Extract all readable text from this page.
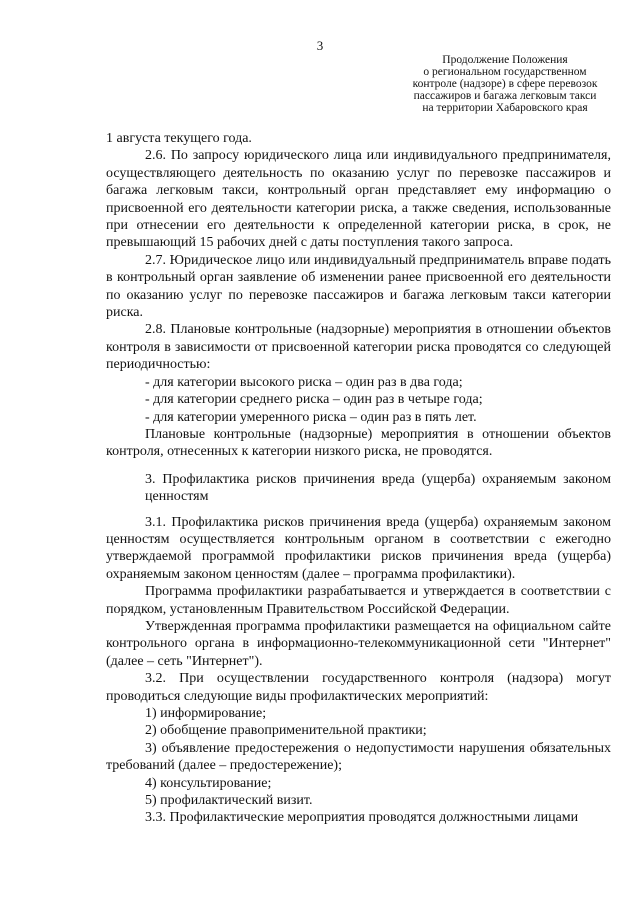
3
Продолжение Положения
о региональном государственном
контроле (надзоре) в сфере перевозок
пассажиров и багажа легковым такси
на территории Хабаровского края

1 августа текущего года.

2.6. По запросу юридического лица или индивидуального предпринимателя, осуществляющего деятельность по оказанию услуг по перевозке пассажиров и багажа легковым такси, контрольный орган представляет ему информацию о присвоенной его деятельности категории риска, а также сведения, использованные при отнесении его деятельности к определенной категории риска, в срок, не превышающий 15 рабочих дней с даты поступления такого запроса.

2.7. Юридическое лицо или индивидуальный предприниматель вправе подать в контрольный орган заявление об изменении ранее присвоенной его деятельности по оказанию услуг по перевозке пассажиров и багажа легковым такси категории риска.

2.8. Плановые контрольные (надзорные) мероприятия в отношении объектов контроля в зависимости от присвоенной категории риска проводятся со следующей периодичностью:

- для категории высокого риска – один раз в два года;

- для категории среднего риска – один раз в четыре года;

- для категории умеренного риска – один раз в пять лет.

Плановые контрольные (надзорные) мероприятия в отношении объектов контроля, отнесенных к категории низкого риска, не проводятся.

3. Профилактика рисков причинения вреда (ущерба) охраняемым законом ценностям

3.1. Профилактика рисков причинения вреда (ущерба) охраняемым законом ценностям осуществляется контрольным органом в соответствии с ежегодно утверждаемой программой профилактики рисков причинения вреда (ущерба) охраняемым законом ценностям (далее – программа профилактики).

Программа профилактики разрабатывается и утверждается в соответствии с порядком, установленным Правительством Российской Федерации.

Утвержденная программа профилактики размещается на официальном сайте контрольного органа в информационно-телекоммуникационной сети "Интернет" (далее – сеть "Интернет").

3.2. При осуществлении государственного контроля (надзора) могут проводиться следующие виды профилактических мероприятий:

1) информирование;

2) обобщение правоприменительной практики;

3) объявление предостережения о недопустимости нарушения обязательных требований (далее – предостережение);

4) консультирование;

5) профилактический визит.

3.3. Профилактические мероприятия проводятся должностными лицами
